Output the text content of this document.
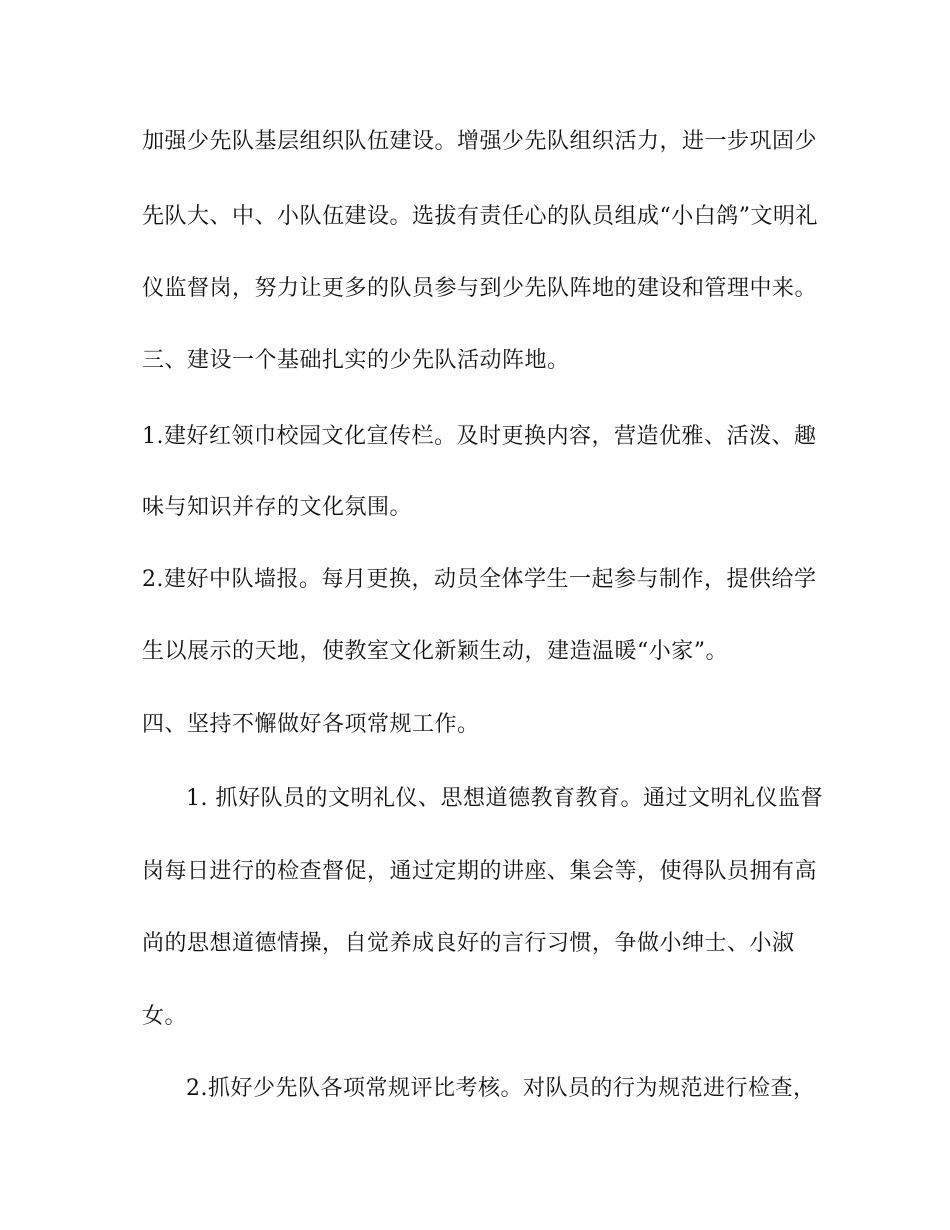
加强少先队基层组织队伍建设。增强少先队组织活力，进一步巩固少

先队大、中、小队伍建设。选拔有责任心的队员组成“小白鸽”文明礼

仪监督岗，努力让更多的队员参与到少先队阵地的建设和管理中来。

三、建设一个基础扎实的少先队活动阵地。

1.建好红领巾校园文化宣传栏。及时更换内容，营造优雅、活泼、趣

味与知识并存的文化氛围。

2.建好中队墙报。每月更换，动员全体学生一起参与制作，提供给学

生以展示的天地，使教室文化新颖生动，建造温暖“小家”。

四、坚持不懈做好各项常规工作。

1. 抓好队员的文明礼仪、思想道德教育教育。通过文明礼仪监督

岗每日进行的检查督促，通过定期的讲座、集会等，使得队员拥有高

尚的思想道德情操，自觉养成良好的言行习惯，争做小绅士、小淑

女。

2.抓好少先队各项常规评比考核。对队员的行为规范进行检查，
